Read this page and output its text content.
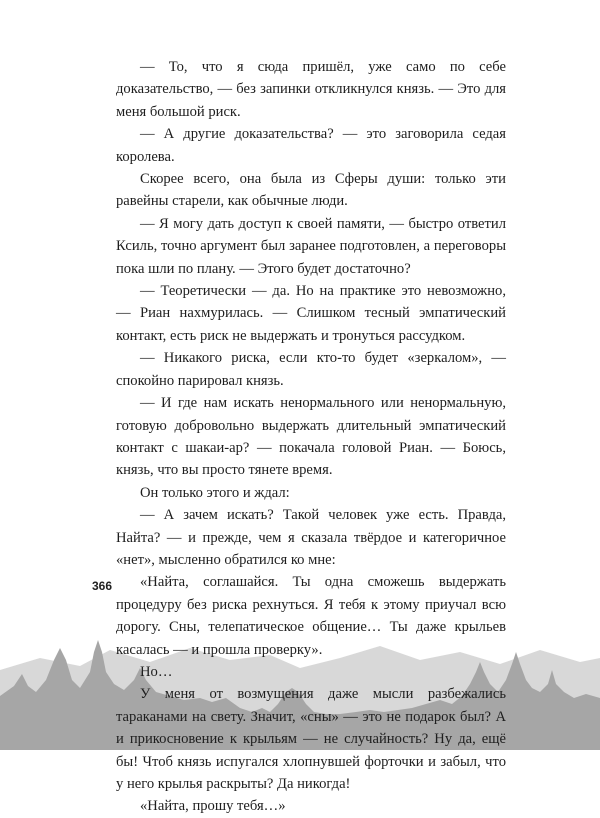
— То, что я сюда пришёл, уже само по себе доказательство, — без запинки откликнулся князь. — Это для меня большой риск.

— А другие доказательства? — это заговорила седая королева.

Скорее всего, она была из Сферы души: только эти равейны старели, как обычные люди.

— Я могу дать доступ к своей памяти, — быстро ответил Ксиль, точно аргумент был заранее подготовлен, а переговоры пока шли по плану. — Этого будет достаточно?

— Теоретически — да. Но на практике это невозможно, — Риан нахмурилась. — Слишком тесный эмпатический контакт, есть риск не выдержать и тронуться рассудком.

— Никакого риска, если кто-то будет «зеркалом», — спокойно парировал князь.

— И где нам искать ненормального или ненормальную, готовую добровольно выдержать длительный эмпатический контакт с шакаи-ар? — покачала головой Риан. — Боюсь, князь, что вы просто тянете время.

Он только этого и ждал:

— А зачем искать? Такой человек уже есть. Правда, Найта? — и прежде, чем я сказала твёрдое и категоричное «нет», мысленно обратился ко мне:

«Найта, соглашайся. Ты одна сможешь выдержать процедуру без риска рехнуться. Я тебя к этому приучал всю дорогу. Сны, телепатическое общение… Ты даже крыльев касалась — и прошла проверку».

Но…

У меня от возмущения даже мысли разбежались тараканами на свету. Значит, «сны» — это не подарок был? А и прикосновение к крыльям — не случайность? Ну да, ещё бы! Чтоб князь испугался хлопнувшей форточки и забыл, что у него крылья раскрыты? Да никогда!

«Найта, прошу тебя…»

366
